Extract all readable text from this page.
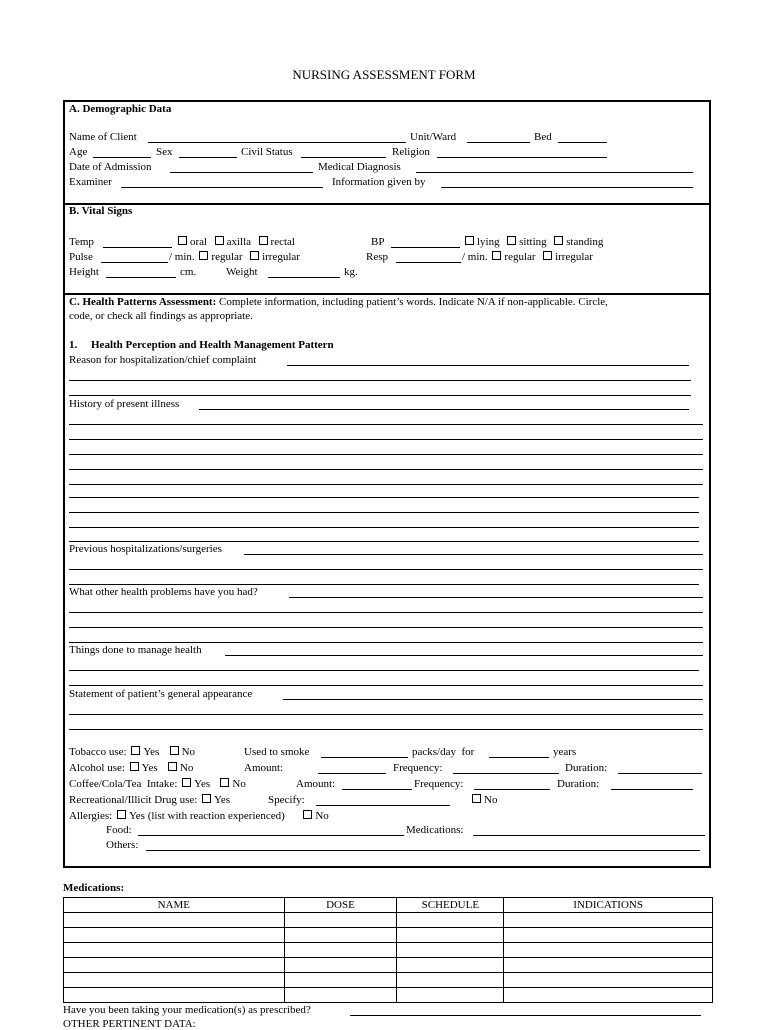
NURSING ASSESSMENT FORM
A. Demographic Data
Name of Client	Unit/Ward	Bed
Age	Sex	Civil Status	Religion
Date of Admission	Medical Diagnosis
Examiner	Information given by
B. Vital Signs
Temp	oral axilla rectal	BP	lying sitting standing
Pulse	/ min. regular irregular	Resp	/ min. regular irregular
Height	cm.	Weight	kg.
C. Health Patterns Assessment: Complete information, including patient’s words. Indicate N/A if non-applicable. Circle,
code, or check all findings as appropriate.
1.     Health Perception and Health Management Pattern
Reason for hospitalization/chief complaint
History of present illness
Previous hospitalizations/surgeries
What other health problems have you had?
Things done to manage health
Statement of patient’s general appearance
Tobacco use: Yes No	Used to smoke	packs/day  for	years
Alcohol use: Yes No	Amount:	Frequency:	Duration:
Coffee/Cola/Tea  Intake: Yes No	Amount:	Frequency:	Duration:
Recreational/Illicit Drug use: Yes	Specify:	No
Allergies: Yes (list with reaction experienced)	No
Food:	Medications:
Others:
Medications:
NAME	DOSE	SCHEDULE	INDICATIONS

Have you been taking your medication(s) as prescribed?
OTHER PERTINENT DATA:
